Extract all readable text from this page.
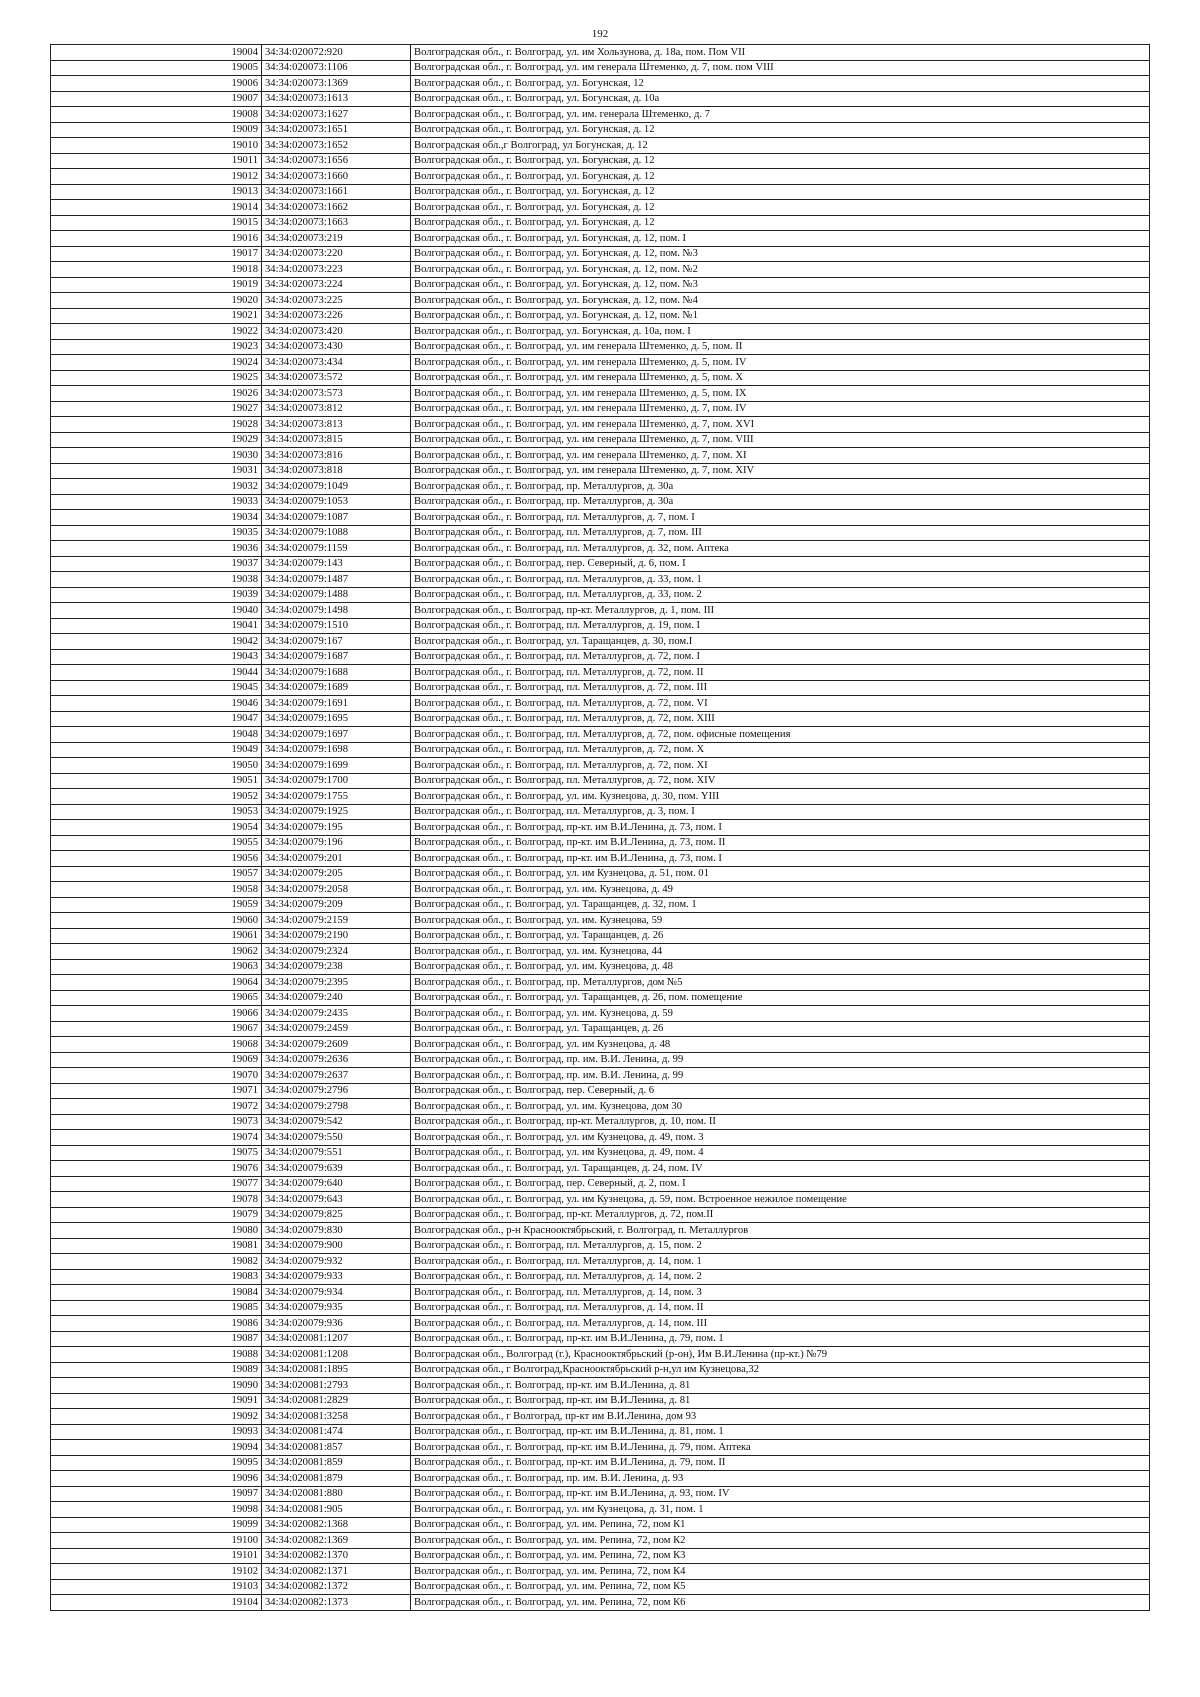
192
19004	34:34:020072:920	Волгоградская обл., г. Волгоград, ул. им Хользунова, д. 18а, пом. Пом VII
19005	34:34:020073:1106	Волгоградская обл., г. Волгоград, ул. им генерала Штеменко, д. 7, пом. пом VIII
19006	34:34:020073:1369	Волгоградская обл., г. Волгоград, ул. Богунская, 12
19007	34:34:020073:1613	Волгоградская обл., г. Волгоград, ул. Богунская, д. 10а
19008	34:34:020073:1627	Волгоградская обл., г. Волгоград, ул. им. генерала Штеменко, д. 7
19009	34:34:020073:1651	Волгоградская обл., г. Волгоград, ул. Богунская, д. 12
19010	34:34:020073:1652	Волгоградская обл.,г Волгоград, ул Богунская, д. 12
19011	34:34:020073:1656	Волгоградская обл., г. Волгоград, ул. Богунская, д. 12
19012	34:34:020073:1660	Волгоградская обл., г. Волгоград, ул. Богунская, д. 12
19013	34:34:020073:1661	Волгоградская обл., г. Волгоград, ул. Богунская, д. 12
19014	34:34:020073:1662	Волгоградская обл., г. Волгоград, ул. Богунская, д. 12
19015	34:34:020073:1663	Волгоградская обл., г. Волгоград, ул. Богунская, д. 12
19016	34:34:020073:219	Волгоградская обл., г. Волгоград, ул. Богунская, д. 12, пом. I
19017	34:34:020073:220	Волгоградская обл., г. Волгоград, ул. Богунская, д. 12, пом. №3
19018	34:34:020073:223	Волгоградская обл., г. Волгоград, ул. Богунская, д. 12, пом. №2
19019	34:34:020073:224	Волгоградская обл., г. Волгоград, ул. Богунская, д. 12, пом. №3
19020	34:34:020073:225	Волгоградская обл., г. Волгоград, ул. Богунская, д. 12, пом. №4
19021	34:34:020073:226	Волгоградская обл., г. Волгоград, ул. Богунская, д. 12, пом. №1
19022	34:34:020073:420	Волгоградская обл., г. Волгоград, ул. Богунская, д. 10а, пом. I
19023	34:34:020073:430	Волгоградская обл., г. Волгоград, ул. им генерала Штеменко, д. 5, пом. II
19024	34:34:020073:434	Волгоградская обл., г. Волгоград, ул. им генерала Штеменко, д. 5, пом. IV
19025	34:34:020073:572	Волгоградская обл., г. Волгоград, ул. им генерала Штеменко, д. 5, пом. X
19026	34:34:020073:573	Волгоградская обл., г. Волгоград, ул. им генерала Штеменко, д. 5, пом. IX
19027	34:34:020073:812	Волгоградская обл., г. Волгоград, ул. им генерала Штеменко, д. 7, пом. IV
19028	34:34:020073:813	Волгоградская обл., г. Волгоград, ул. им генерала Штеменко, д. 7, пом. XVI
19029	34:34:020073:815	Волгоградская обл., г. Волгоград, ул. им генерала Штеменко, д. 7, пом. VIII
19030	34:34:020073:816	Волгоградская обл., г. Волгоград, ул. им генерала Штеменко, д. 7, пом. XI
19031	34:34:020073:818	Волгоградская обл., г. Волгоград, ул. им генерала Штеменко, д. 7, пом. XIV
19032	34:34:020079:1049	Волгоградская обл., г. Волгоград, пр. Металлургов, д. 30а
19033	34:34:020079:1053	Волгоградская обл., г. Волгоград, пр. Металлургов, д. 30а
19034	34:34:020079:1087	Волгоградская обл., г. Волгоград, пл. Металлургов, д. 7, пом. I
19035	34:34:020079:1088	Волгоградская обл., г. Волгоград, пл. Металлургов, д. 7, пом. III
19036	34:34:020079:1159	Волгоградская обл., г. Волгоград, пл. Металлургов, д. 32, пом. Аптека
19037	34:34:020079:143	Волгоградская обл., г. Волгоград, пер. Северный, д. 6, пом. I
19038	34:34:020079:1487	Волгоградская обл., г. Волгоград, пл. Металлургов, д. 33, пом. 1
19039	34:34:020079:1488	Волгоградская обл., г. Волгоград, пл. Металлургов, д. 33, пом. 2
19040	34:34:020079:1498	Волгоградская обл., г. Волгоград, пр-кт. Металлургов, д. 1, пом. III
19041	34:34:020079:1510	Волгоградская обл., г. Волгоград, пл. Металлургов, д. 19, пом. I
19042	34:34:020079:167	Волгоградская обл., г. Волгоград, ул. Таращанцев, д. 30, пом.I
19043	34:34:020079:1687	Волгоградская обл., г. Волгоград, пл. Металлургов, д. 72, пом. I
19044	34:34:020079:1688	Волгоградская обл., г. Волгоград, пл. Металлургов, д. 72, пом. II
19045	34:34:020079:1689	Волгоградская обл., г. Волгоград, пл. Металлургов, д. 72, пом. III
19046	34:34:020079:1691	Волгоградская обл., г. Волгоград, пл. Металлургов, д. 72, пом. VI
19047	34:34:020079:1695	Волгоградская обл., г. Волгоград, пл. Металлургов, д. 72, пом. XIII
19048	34:34:020079:1697	Волгоградская обл., г. Волгоград, пл. Металлургов, д. 72, пом. офисные помещения
19049	34:34:020079:1698	Волгоградская обл., г. Волгоград, пл. Металлургов, д. 72, пом. X
19050	34:34:020079:1699	Волгоградская обл., г. Волгоград, пл. Металлургов, д. 72, пом. XI
19051	34:34:020079:1700	Волгоградская обл., г. Волгоград, пл. Металлургов, д. 72, пом. XIV
19052	34:34:020079:1755	Волгоградская обл., г. Волгоград, ул. им. Кузнецова, д. 30, пом. YIII
19053	34:34:020079:1925	Волгоградская обл., г. Волгоград, пл. Металлургов, д. 3, пом. I
19054	34:34:020079:195	Волгоградская обл., г. Волгоград, пр-кт. им В.И.Ленина, д. 73, пом. I
19055	34:34:020079:196	Волгоградская обл., г. Волгоград, пр-кт. им В.И.Ленина, д. 73, пом. II
19056	34:34:020079:201	Волгоградская обл., г. Волгоград, пр-кт. им В.И.Ленина, д. 73, пом. I
19057	34:34:020079:205	Волгоградская обл., г. Волгоград, ул. им Кузнецова, д. 51, пом. 01
19058	34:34:020079:2058	Волгоградская обл., г. Волгоград, ул. им. Кузнецова, д. 49
19059	34:34:020079:209	Волгоградская обл., г. Волгоград, ул. Таращанцев, д. 32, пом. 1
19060	34:34:020079:2159	Волгоградская обл., г. Волгоград, ул. им. Кузнецова, 59
19061	34:34:020079:2190	Волгоградская обл., г. Волгоград, ул. Таращанцев, д. 26
19062	34:34:020079:2324	Волгоградская обл., г. Волгоград, ул. им. Кузнецова, 44
19063	34:34:020079:238	Волгоградская обл., г. Волгоград, ул. им. Кузнецова, д. 48
19064	34:34:020079:2395	Волгоградская обл., г. Волгоград, пр. Металлургов, дом №5
19065	34:34:020079:240	Волгоградская обл., г. Волгоград, ул. Таращанцев, д. 26, пом. помещение
19066	34:34:020079:2435	Волгоградская обл., г. Волгоград, ул. им. Кузнецова, д. 59
19067	34:34:020079:2459	Волгоградская обл., г. Волгоград, ул. Таращанцев, д. 26
19068	34:34:020079:2609	Волгоградская обл., г. Волгоград, ул. им Кузнецова, д. 48
19069	34:34:020079:2636	Волгоградская обл., г. Волгоград, пр. им. В.И. Ленина, д. 99
19070	34:34:020079:2637	Волгоградская обл., г. Волгоград, пр. им. В.И. Ленина, д. 99
19071	34:34:020079:2796	Волгоградская обл., г. Волгоград, пер. Северный, д. 6
19072	34:34:020079:2798	Волгоградская обл., г. Волгоград, ул. им. Кузнецова, дом 30
19073	34:34:020079:542	Волгоградская обл., г. Волгоград, пр-кт. Металлургов, д. 10, пом. II
19074	34:34:020079:550	Волгоградская обл., г. Волгоград, ул. им Кузнецова, д. 49, пом. 3
19075	34:34:020079:551	Волгоградская обл., г. Волгоград, ул. им Кузнецова, д. 49, пом. 4
19076	34:34:020079:639	Волгоградская обл., г. Волгоград, ул. Таращанцев, д. 24, пом. IV
19077	34:34:020079:640	Волгоградская обл., г. Волгоград, пер. Северный, д. 2, пом. I
19078	34:34:020079:643	Волгоградская обл., г. Волгоград, ул. им Кузнецова, д. 59, пом. Встроенное нежилое помещение
19079	34:34:020079:825	Волгоградская обл., г. Волгоград, пр-кт. Металлургов, д. 72, пом.II
19080	34:34:020079:830	Волгоградская обл., р-н Краснооктябрьский, г. Волгоград, п. Металлургов
19081	34:34:020079:900	Волгоградская обл., г. Волгоград, пл. Металлургов, д. 15, пом. 2
19082	34:34:020079:932	Волгоградская обл., г. Волгоград, пл. Металлургов, д. 14, пом. 1
19083	34:34:020079:933	Волгоградская обл., г. Волгоград, пл. Металлургов, д. 14, пом. 2
19084	34:34:020079:934	Волгоградская обл., г. Волгоград, пл. Металлургов, д. 14, пом. 3
19085	34:34:020079:935	Волгоградская обл., г. Волгоград, пл. Металлургов, д. 14, пом. II
19086	34:34:020079:936	Волгоградская обл., г. Волгоград, пл. Металлургов, д. 14, пом. III
19087	34:34:020081:1207	Волгоградская обл., г. Волгоград, пр-кт. им В.И.Ленина, д. 79, пом. 1
19088	34:34:020081:1208	Волгоградская обл., Волгоград (г.), Краснооктябрьский (р-он), Им В.И.Ленина (пр-кт.) №79
19089	34:34:020081:1895	Волгоградская обл., г Волгоград,Краснооктябрьский р-н,ул им Кузнецова,32
19090	34:34:020081:2793	Волгоградская обл., г. Волгоград, пр-кт. им В.И.Ленина, д. 81
19091	34:34:020081:2829	Волгоградская обл., г. Волгоград, пр-кт. им В.И.Ленина, д. 81
19092	34:34:020081:3258	Волгоградская обл., г Волгоград, пр-кт им В.И.Ленина, дом 93
19093	34:34:020081:474	Волгоградская обл., г. Волгоград, пр-кт. им В.И.Ленина, д. 81, пом. 1
19094	34:34:020081:857	Волгоградская обл., г. Волгоград, пр-кт. им В.И.Ленина, д. 79, пом. Аптека
19095	34:34:020081:859	Волгоградская обл., г. Волгоград, пр-кт. им В.И.Ленина, д. 79, пом. II
19096	34:34:020081:879	Волгоградская обл., г. Волгоград, пр. им. В.И. Ленина, д. 93
19097	34:34:020081:880	Волгоградская обл., г. Волгоград, пр-кт. им В.И.Ленина, д. 93, пом. IV
19098	34:34:020081:905	Волгоградская обл., г. Волгоград, ул. им Кузнецова, д. 31, пом. 1
19099	34:34:020082:1368	Волгоградская обл., г. Волгоград, ул. им. Репина, 72, пом К1
19100	34:34:020082:1369	Волгоградская обл., г. Волгоград, ул. им. Репина, 72, пом К2
19101	34:34:020082:1370	Волгоградская обл., г. Волгоград, ул. им. Репина, 72, пом К3
19102	34:34:020082:1371	Волгоградская обл., г. Волгоград, ул. им. Репина, 72, пом К4
19103	34:34:020082:1372	Волгоградская обл., г. Волгоград, ул. им. Репина, 72, пом К5
19104	34:34:020082:1373	Волгоградская обл., г. Волгоград, ул. им. Репина, 72, пом К6
